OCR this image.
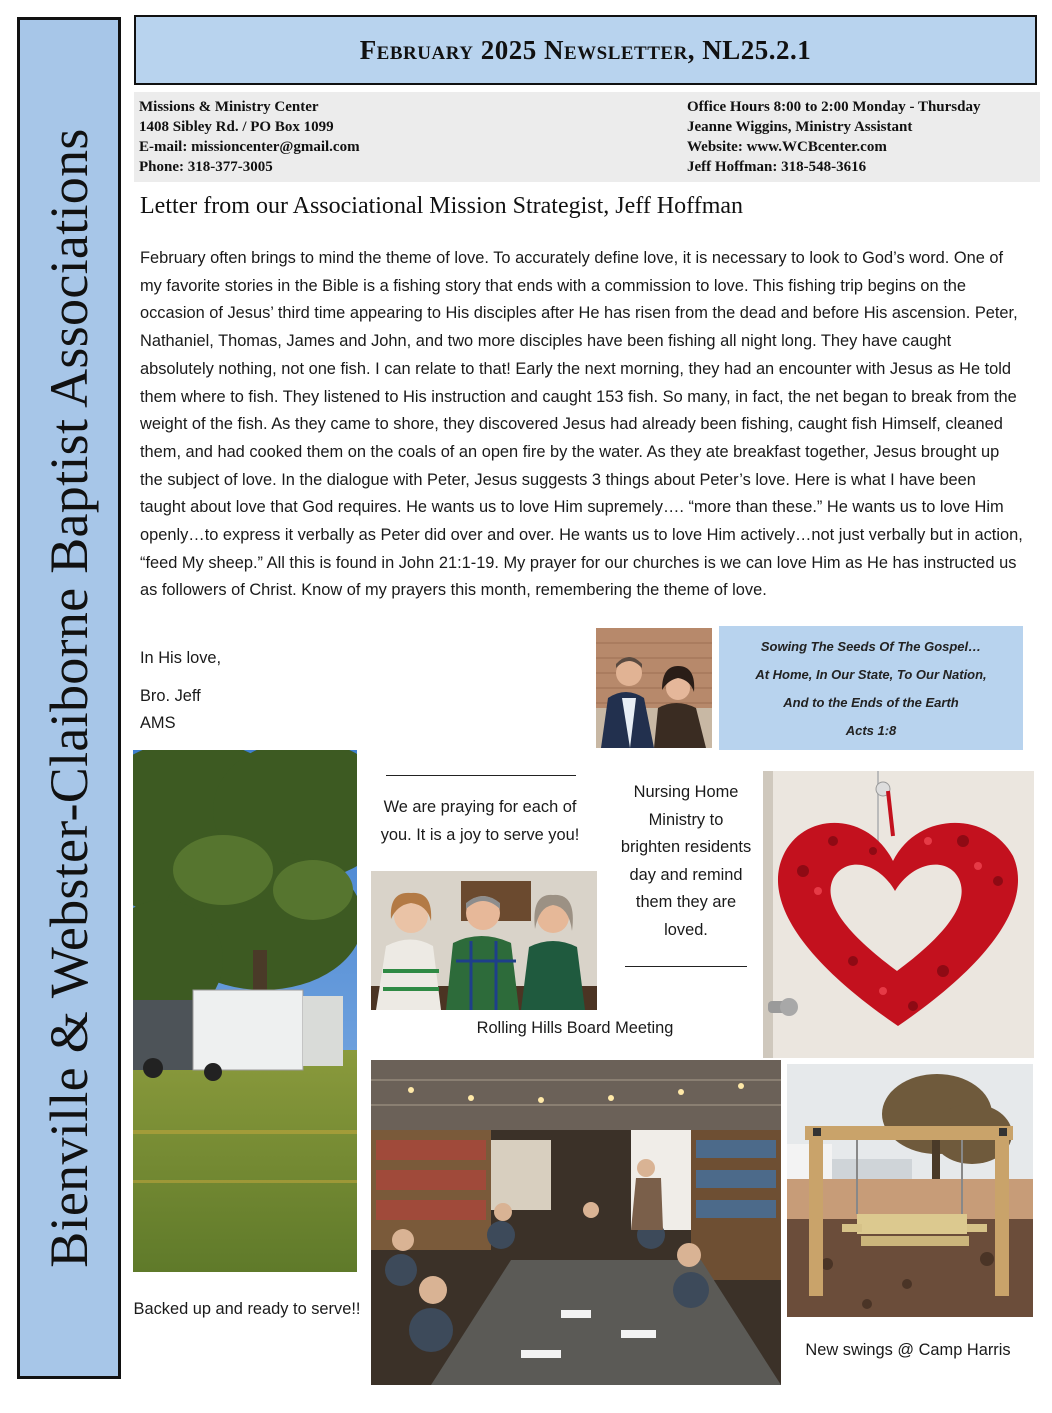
Bienville & Webster-Claiborne Baptist Associations
February 2025 Newsletter, NL25.2.1
Missions & Ministry Center
1408 Sibley Rd. / PO Box 1099
E-mail: missioncenter@gmail.com
Phone: 318-377-3005
Office Hours 8:00 to 2:00 Monday - Thursday
Jeanne Wiggins, Ministry Assistant
Website: www.WCBcenter.com
Jeff Hoffman: 318-548-3616
Letter from our Associational Mission Strategist, Jeff Hoffman

February often brings to mind the theme of love. To accurately define love, it is necessary to look to God’s word. One of my favorite stories in the Bible is a fishing story that ends with a commission to love. This fishing trip begins on the occasion of Jesus’ third time appearing to His disciples after He has risen from the dead and before His ascension. Peter, Nathaniel, Thomas, James and John, and two more disciples have been fishing all night long. They have caught absolutely nothing, not one fish. I can relate to that! Early the next morning, they had an encounter with Jesus as He told them where to fish. They listened to His instruction and caught 153 fish. So many, in fact, the net began to break from the weight of the fish. As they came to shore, they discovered Jesus had already been fishing, caught fish Himself, cleaned them, and had cooked them on the coals of an open fire by the water. As they ate breakfast together, Jesus brought up the subject of love. In the dialogue with Peter, Jesus suggests 3 things about Peter’s love. Here is what I have been taught about love that God requires. He wants us to love Him supremely…. “more than these.” He wants us to love Him openly…to express it verbally as Peter did over and over. He wants us to love Him actively…not just verbally but in action, “feed My sheep.” All this is found in John 21:1-19. My prayer for our churches is we can love Him as He has instructed us as followers of Christ. Know of my prayers this month, remembering the theme of love.

In His love,
Bro. Jeff
AMS
Sowing The Seeds Of The Gospel…
At Home, In Our State, To Our Nation,
And to the Ends of the Earth
Acts 1:8
Backed up and ready to serve!!
We are praying for each of you. It is a joy to serve you!
Rolling Hills Board Meeting
Nursing Home Ministry to brighten residents day and remind them they are loved.
New swings @ Camp Harris
